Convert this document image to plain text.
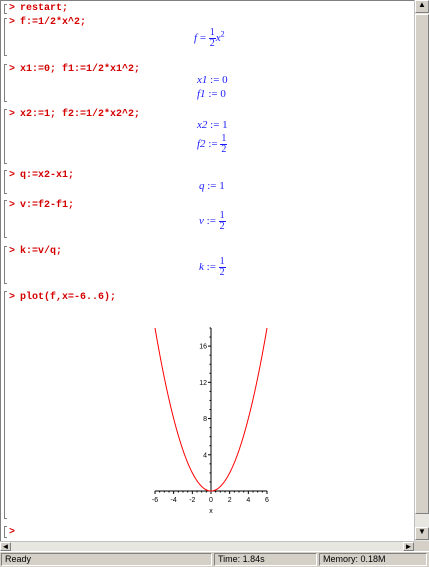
> restart;
> f:=1/2*x^2;
$f = \frac{1}{2} x^2$
> x1:=0; f1:=1/2*x1^2;
x1 := 0
f1 := 0
> x2:=1; f2:=1/2*x2^2;
x2 := 1
f2 := $\frac{1}{2}$
> q:=x2-x1;
q := 1
> v:=f2-f1;
v := $\frac{1}{2}$
> k:=v/q;
k := $\frac{1}{2}$
> plot(f,x=-6..6);
-6 -4 -2 0 2 4 6
4
8
12
16
x
>
▲
▼
◄	►
Ready	Time: 1.84s	Memory: 0.18M
